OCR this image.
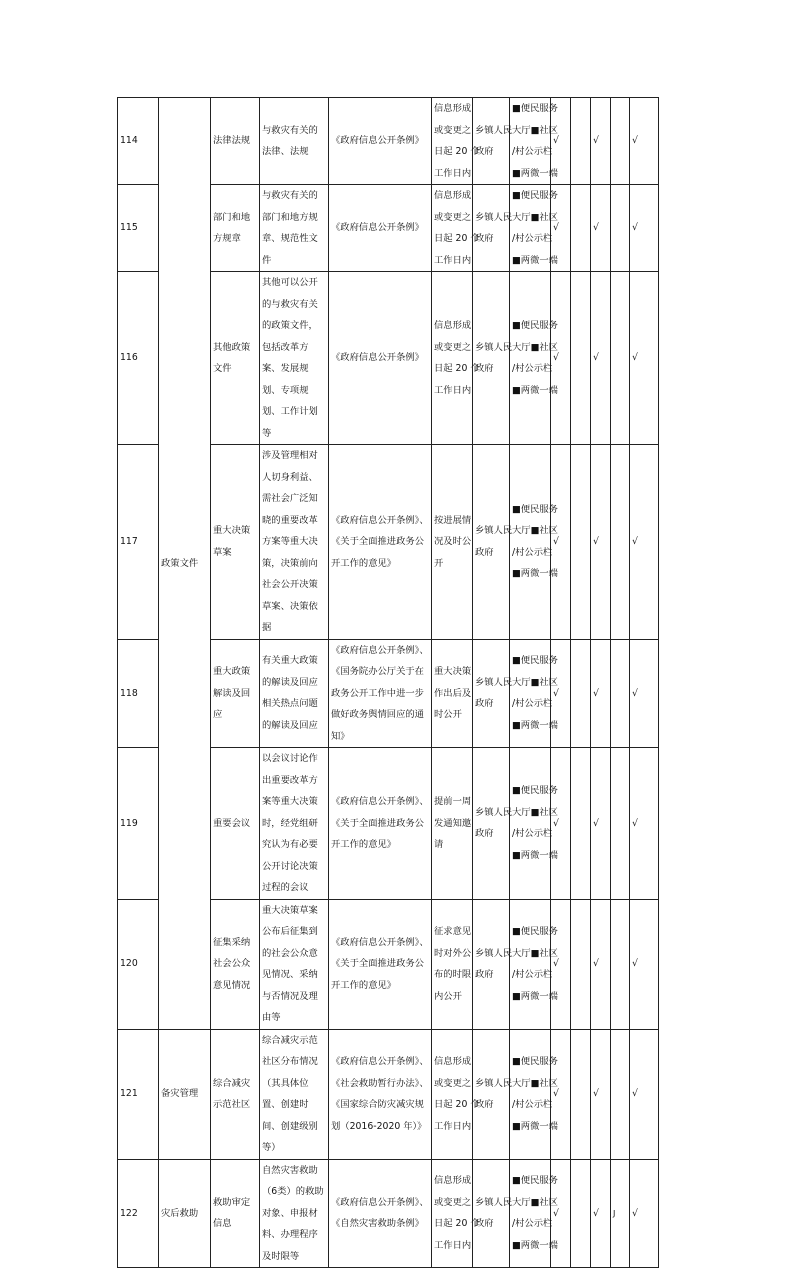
114	政策文件	法律法规	与救灾有关的法律、法规	《政府信息公开条例》	信息形成
或变更之
日起 20 个
工作日内	乡镇人民
政府	■便民服务
大厅■社区
/村公示栏
■两微一端	√		√		√
115		部门和地方规章	与救灾有关的部门和地方规章、规范性文件	《政府信息公开条例》	信息形成
或变更之
日起 20 个
工作日内	乡镇人民
政府	■便民服务
大厅■社区
/村公示栏
■两微一端	√		√		√
116		其他政策文件	其他可以公开的与救灾有关的政策文件，包括改革方案、发展规划、专项规划、工作计划等	《政府信息公开条例》	信息形成
或变更之
日起 20 个
工作日内	乡镇人民
政府	■便民服务
大厅■社区
/村公示栏
■两微一端	√		√		√
117		重大决策草案	涉及管理相对人切身利益、需社会广泛知晓的重要改革方案等重大决策，决策前向社会公开决策草案、决策依据	《政府信息公开条例》、《关于全面推进政务公开工作的意见》	按进展情
况及时公
开	乡镇人民
政府	■便民服务
大厅■社区
/村公示栏
■两微一端	√		√		√
118		重大政策解读及回应	有关重大政策的解读及回应相关热点问题的解读及回应	《政府信息公开条例》、《国务院办公厅关于在政务公开工作中进一步做好政务舆情回应的通知》	重大决策
作出后及
时公开	乡镇人民
政府	■便民服务
大厅■社区
/村公示栏
■两微一端	√		√		√
119		重要会议	以会议讨论作出重要改革方案等重大决策时，经党组研究认为有必要公开讨论决策过程的会议	《政府信息公开条例》、《关于全面推进政务公开工作的意见》	提前一周
发通知邀
请	乡镇人民
政府	■便民服务
大厅■社区
/村公示栏
■两微一端	√		√		√
120		征集采纳社会公众意见情况	重大决策草案公布后征集到的社会公众意见情况、采纳与否情况及理由等	《政府信息公开条例》、《关于全面推进政务公开工作的意见》	征求意见
时对外公
布的时限
内公开	乡镇人民
政府	■便民服务
大厅■社区
/村公示栏
■两微一端	√		√		√
121	备灾管理	综合减灾示范社区	综合减灾示范社区分布情况（其具体位置、创建时间、创建级别等）	《政府信息公开条例》、《社会救助暂行办法》、《国家综合防灾减灾规划（2016-2020 年）》	信息形成
或变更之
日起 20 个
工作日内	乡镇人民
政府	■便民服务
大厅■社区
/村公示栏
■两微一端	√		√		√
122	灾后救助	救助审定信息	自然灾害救助（6类）的救助对象、申报材料、办理程序及时限等	《政府信息公开条例》、《自然灾害救助条例》	信息形成
或变更之
日起 20 个
工作日内	乡镇人民
政府	■便民服务
大厅■社区
/村公示栏
■两微一端	√		√	J	√
